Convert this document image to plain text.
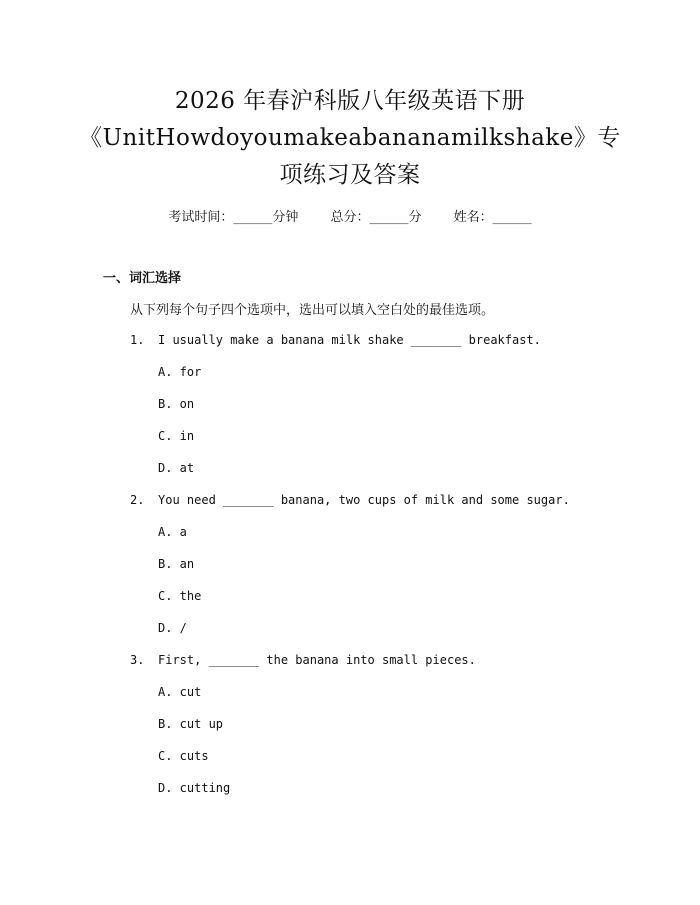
2026 年春沪科版八年级英语下册
《UnitHowdoyoumakeabananamilkshake》专
项练习及答案
考试时间：______分钟 总分：______分 姓名：______
一、词汇选择
从下列每个句子四个选项中，选出可以填入空白处的最佳选项。
1. I usually make a banana milk shake _______ breakfast.
A. for
B. on
C. in
D. at
2. You need _______ banana, two cups of milk and some sugar.
A. a
B. an
C. the
D. /
3. First, _______ the banana into small pieces.
A. cut
B. cut up
C. cuts
D. cutting
